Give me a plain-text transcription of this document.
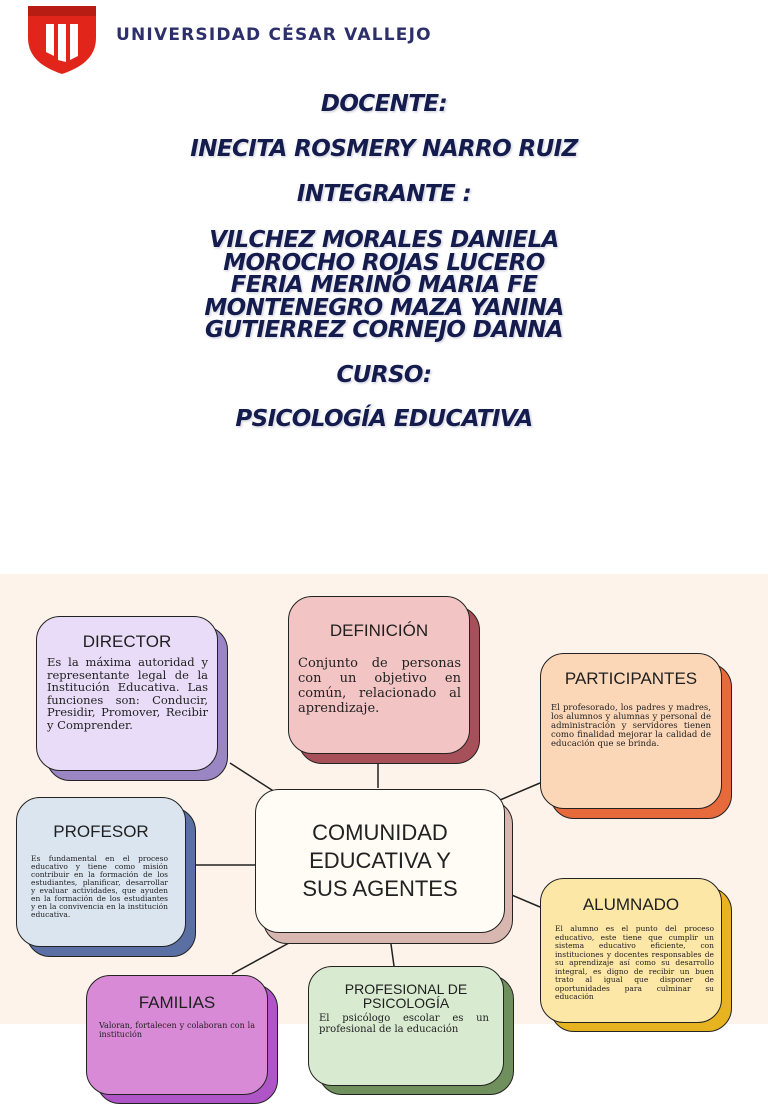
UNIVERSIDAD CÉSAR VALLEJO
DOCENTE:
INECITA ROSMERY NARRO RUIZ
INTEGRANTE :
VILCHEZ MORALES DANIELA
MOROCHO ROJAS LUCERO
FERIA MERINO MARIA FE
MONTENEGRO MAZA YANINA
GUTIERREZ CORNEJO DANNA
CURSO:
PSICOLOGÍA EDUCATIVA
DIRECTOR
Es la máxima autoridad y representante legal de la Institución Educativa. Las funciones son: Conducir, Presidir, Promover, Recibir y Comprender.
DEFINICIÓN
Conjunto de personas con un objetivo en común, relacionado al aprendizaje.
PARTICIPANTES
El profesorado, los padres y madres, los alumnos y alumnas y personal de administración y servidores tienen como finalidad mejorar la calidad de educación que se brinda.
PROFESOR
Es fundamental en el proceso educativo y tiene como misión contribuir en la formación de los estudiantes, planificar, desarrollar y evaluar actividades, que ayuden en la formación de los estudiantes y en la convivencia en la institución educativa.
COMUNIDAD EDUCATIVA Y SUS AGENTES
ALUMNADO
El alumno es el punto del proceso educativo, este tiene que cumplir un sistema educativo eficiente, con instituciones y docentes responsables de su aprendizaje así como su desarrollo integral, es digno de recibir un buen trato al igual que disponer de oportunidades para culminar su educación
FAMILIAS
Valoran, fortalecen y colaboran con la institución
PROFESIONAL DE
PSICOLOGÍA
El psicólogo escolar es un profesional de la educación
